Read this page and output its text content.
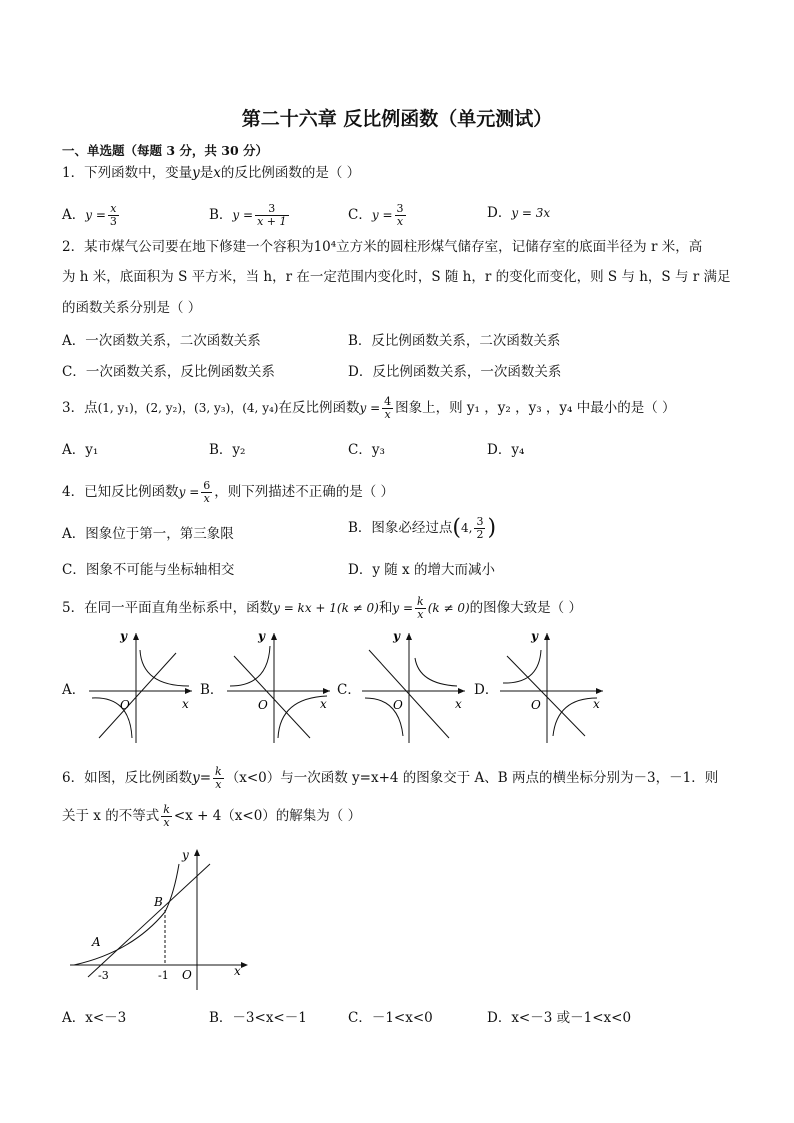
第二十六章 反比例函数（单元测试）
一、单选题（每题 3 分，共 30 分）
1．下列函数中，变量y是x的反比例函数的是（ ）
A．$y = \frac{x}{3}$	B．$y = \frac{3}{x + 1}$	C．$y = \frac{3}{x}$	D．y = 3x
2．某市煤气公司要在地下修建一个容积为10⁴立方米的圆柱形煤气储存室，记储存室的底面半径为 r 米，高
为 h 米，底面积为 S 平方米，当 h，r 在一定范围内变化时，S 随 h，r 的变化而变化，则 S 与 h，S 与 r 满足
的函数关系分别是（ ）
A．一次函数关系，二次函数关系	B．反比例函数关系，二次函数关系
C．一次函数关系，反比例函数关系	D．反比例函数关系，一次函数关系
3．点(1, y₁)，(2, y₂)，(3, y₃)，(4, y₄)在反比例函数$y = \frac{4}{x}$ 图象上，则 y₁ ，y₂ ，y₃ ，y₄ 中最小的是（ ）
A．y₁	B．y₂	C．y₃	D．y₄
4．已知反比例函数$y = \frac{6}{x}$ ，则下列描述不正确的是（ ）
A．图象位于第一，第三象限	B．图象必经过点(4, $\frac{3}{2}$ )
C．图象不可能与坐标轴相交	D．y 随 x 的增大而减小
5．在同一平面直角坐标系中，函数y = kx + 1(k ≠ 0)和$y = \frac{k}{x} (k \ne 0)$的图像大致是（ ）
A．	B．	C．	D．
y
x
O
y
x
O
y
x
O
y
x
O
6．如图，反比例函数$y= \frac{k}{x} (x<0)$与一次函数 y=x+4 的图象交于 A、B 两点的横坐标分别为－3，－1．则
关于 x 的不等式 $\frac{k}{x} <x + 4(x<0)$的解集为（ ）
y
x
O
A
B
-3	-1
A．x<－3	B．－3<x<－1	C．－1<x<0	D．x<－3 或－1<x<0
